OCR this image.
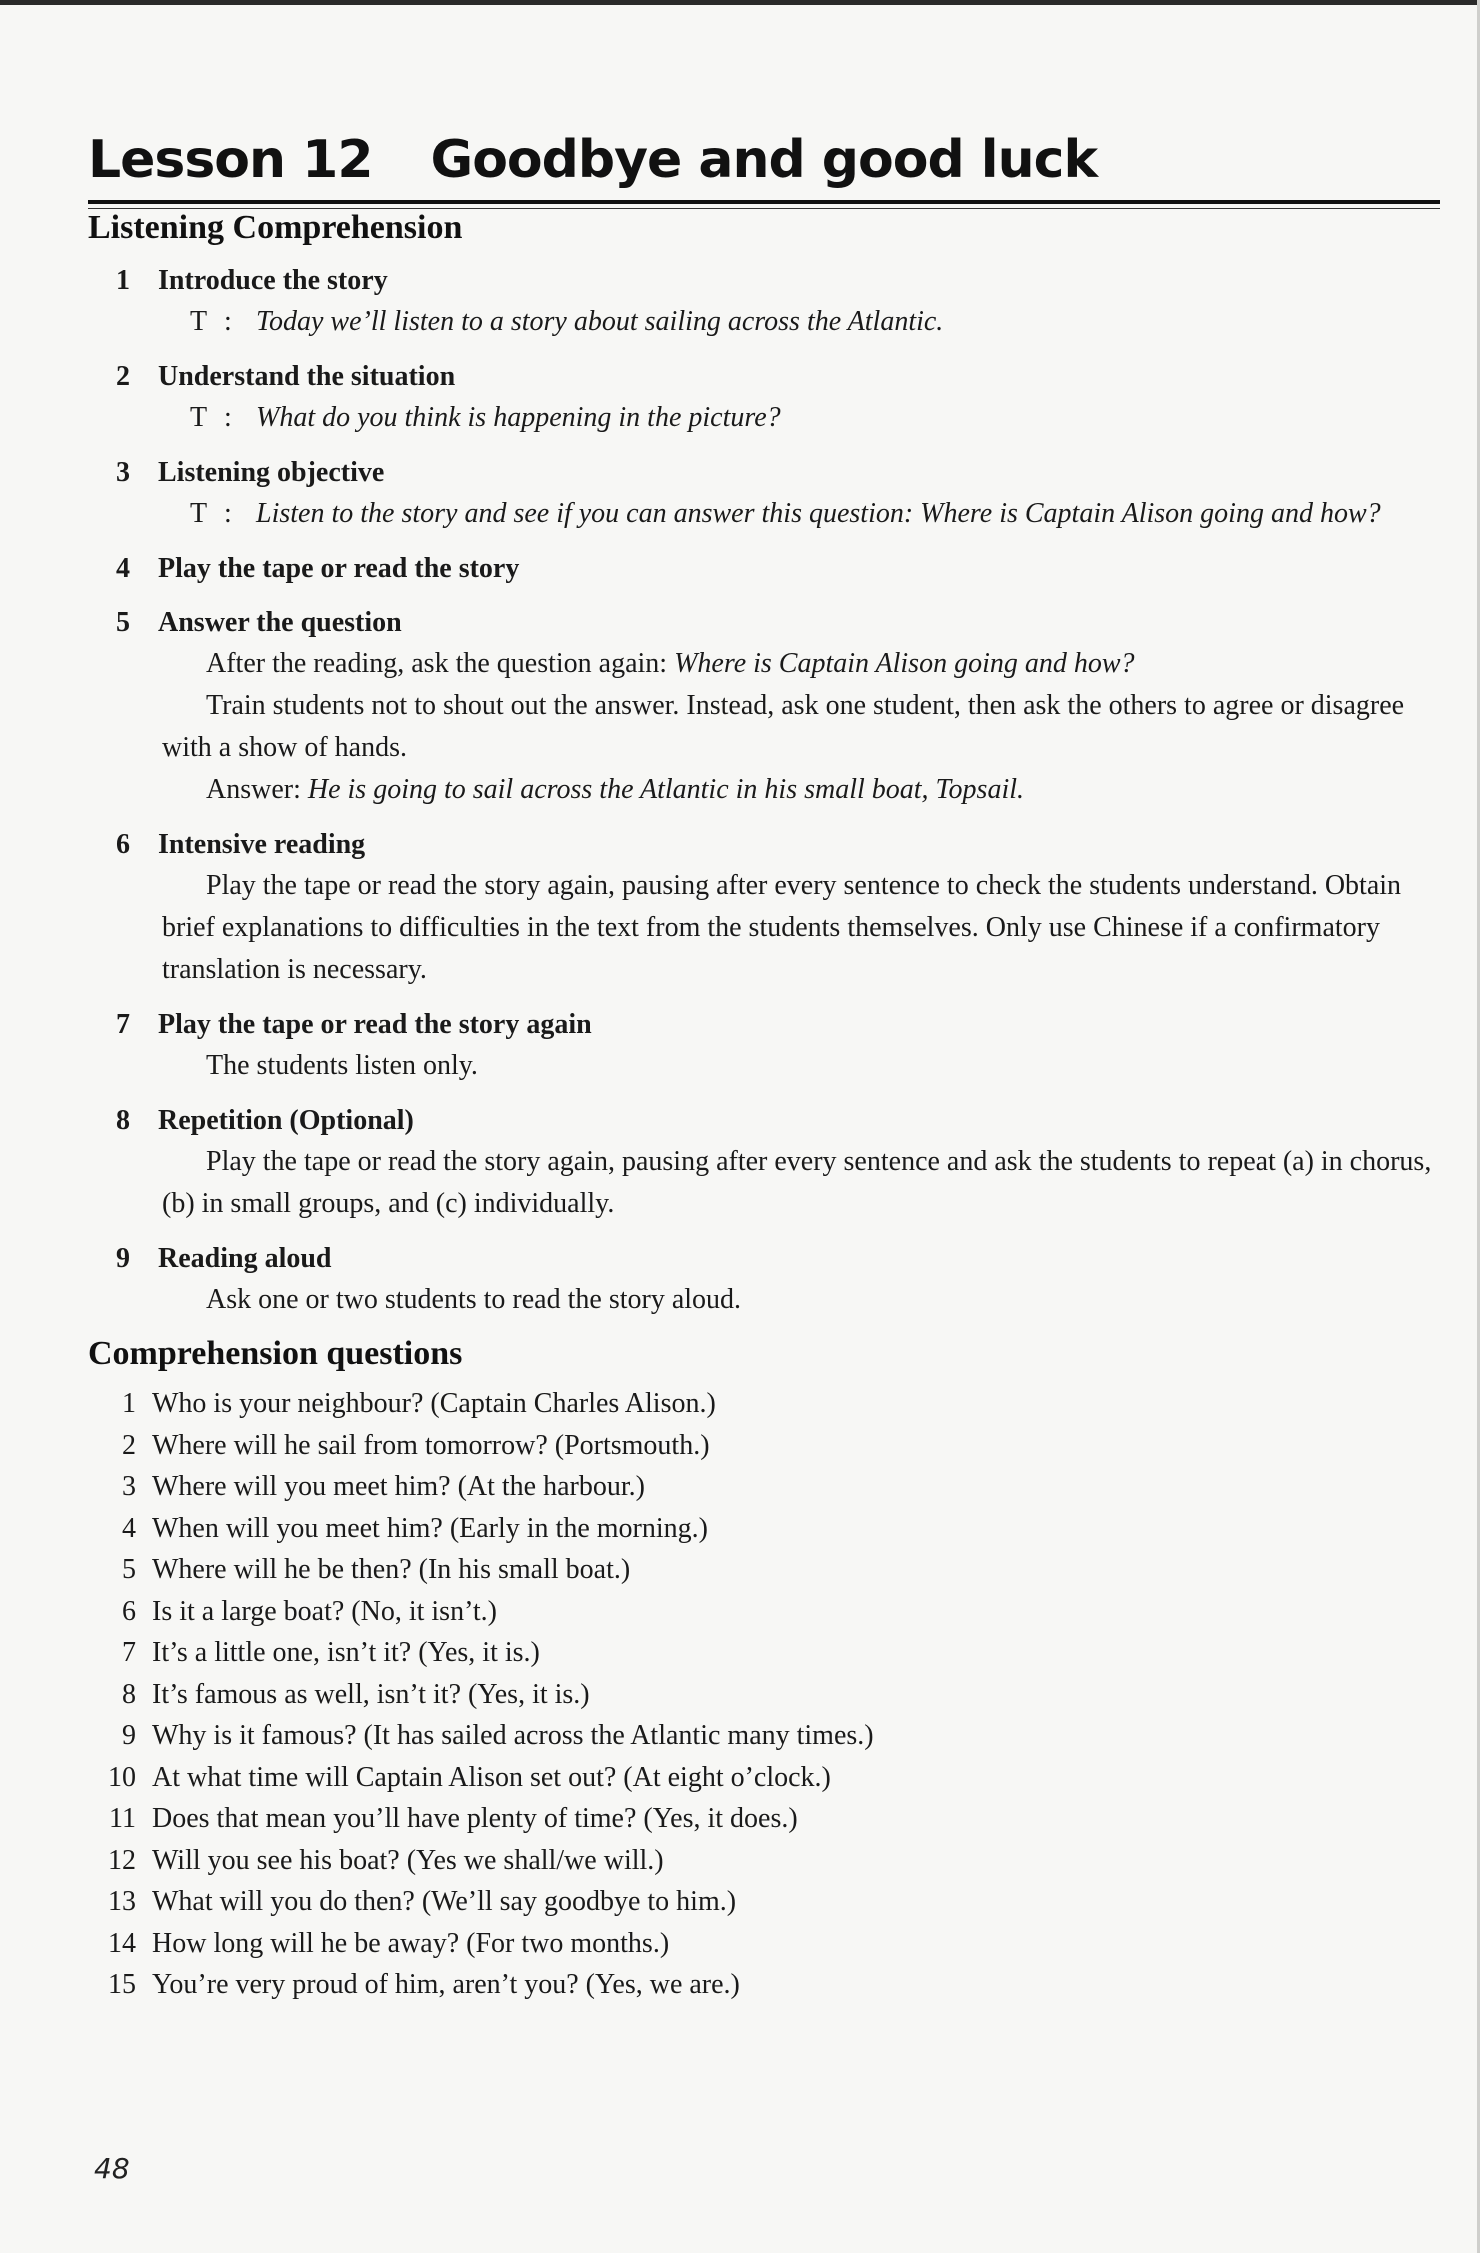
Lesson 12 Goodbye and good luck
Listening Comprehension
1	Introduce the story
T : Today we’ll listen to a story about sailing across the Atlantic.
2	Understand the situation
T : What do you think is happening in the picture?
3	Listening objective
T : Listen to the story and see if you can answer this question: Where is Captain Alison going and how?
4	Play the tape or read the story
5	Answer the question

After the reading, ask the question again: Where is Captain Alison going and how?

Train students not to shout out the answer. Instead, ask one student, then ask the others to agree or disagree with a show of hands.

Answer: He is going to sail across the Atlantic in his small boat, Topsail.

6	Intensive reading

Play the tape or read the story again, pausing after every sentence to check the students understand. Obtain brief explanations to difficulties in the text from the students themselves. Only use Chinese if a confirmatory translation is necessary.

7	Play the tape or read the story again

The students listen only.

8	Repetition (Optional)

Play the tape or read the story again, pausing after every sentence and ask the students to repeat (a) in chorus, (b) in small groups, and (c) individually.

9	Reading aloud

Ask one or two students to read the story aloud.

Comprehension questions
1 Who is your neighbour? (Captain Charles Alison.)
2 Where will he sail from tomorrow? (Portsmouth.)
3 Where will you meet him? (At the harbour.)
4 When will you meet him? (Early in the morning.)
5 Where will he be then? (In his small boat.)
6 Is it a large boat? (No, it isn’t.)
7 It’s a little one, isn’t it? (Yes, it is.)
8 It’s famous as well, isn’t it? (Yes, it is.)
9 Why is it famous? (It has sailed across the Atlantic many times.)
10 At what time will Captain Alison set out? (At eight o’clock.)
11 Does that mean you’ll have plenty of time? (Yes, it does.)
12 Will you see his boat? (Yes we shall/we will.)
13 What will you do then? (We’ll say goodbye to him.)
14 How long will he be away? (For two months.)
15 You’re very proud of him, aren’t you? (Yes, we are.)
48
